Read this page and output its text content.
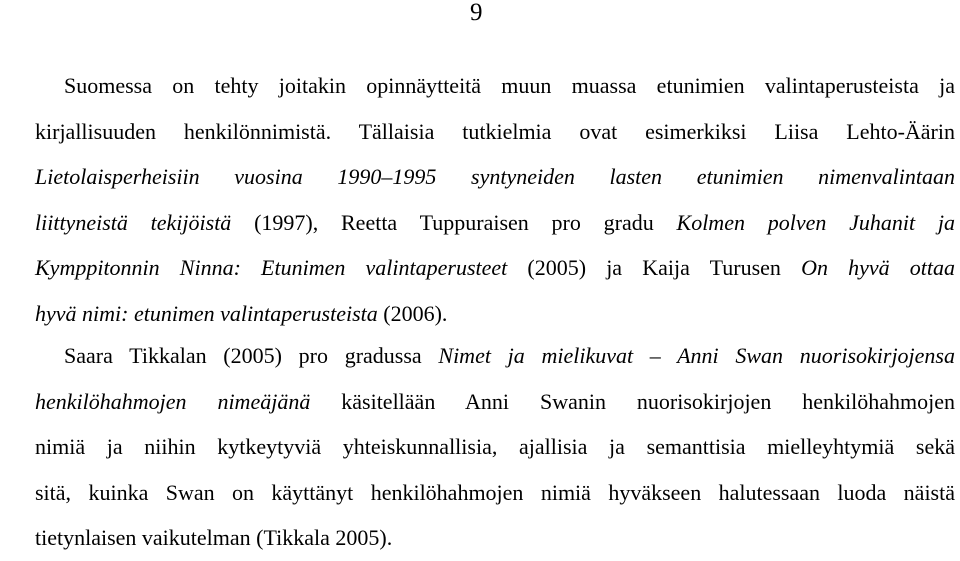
9
Suomessa on tehty joitakin opinnäytteitä muun muassa etunimien valintaperusteista ja
kirjallisuuden henkilönnimistä. Tällaisia tutkielmia ovat esimerkiksi Liisa Lehto-Äärin
Lietolaisperheisiin vuosina 1990–1995 syntyneiden lasten etunimien nimenvalintaan
liittyneistä tekijöistä (1997), Reetta Tuppuraisen pro gradu Kolmen polven Juhanit ja
Kymppitonnin Ninna: Etunimen valintaperusteet (2005) ja Kaija Turusen On hyvä ottaa
hyvä nimi: etunimen valintaperusteista (2006).
Saara Tikkalan (2005) pro gradussa Nimet ja mielikuvat – Anni Swan nuorisokirjojensa
henkilöhahmojen nimeäjänä käsitellään Anni Swanin nuorisokirjojen henkilöhahmojen
nimiä ja niihin kytkeytyviä yhteiskunnallisia, ajallisia ja semanttisia mielleyhtymiä sekä
sitä, kuinka Swan on käyttänyt henkilöhahmojen nimiä hyväkseen halutessaan luoda näistä
tietynlaisen vaikutelman (Tikkala 2005).
